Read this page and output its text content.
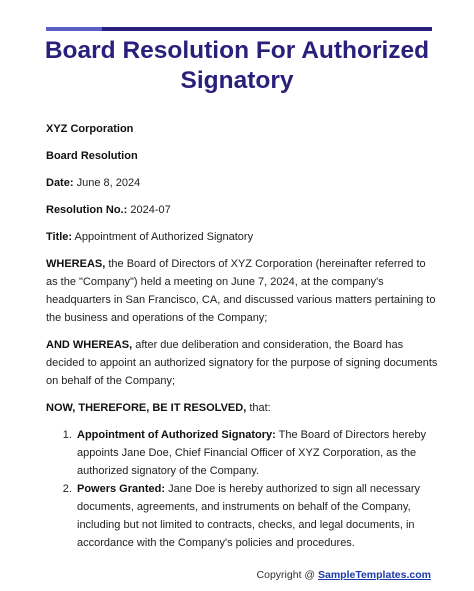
Board Resolution For Authorized Signatory

XYZ Corporation

Board Resolution

Date: June 8, 2024

Resolution No.: 2024-07

Title: Appointment of Authorized Signatory

WHEREAS, the Board of Directors of XYZ Corporation (hereinafter referred to as the "Company") held a meeting on June 7, 2024, at the company's headquarters in San Francisco, CA, and discussed various matters pertaining to the business and operations of the Company;

AND WHEREAS, after due deliberation and consideration, the Board has decided to appoint an authorized signatory for the purpose of signing documents on behalf of the Company;

NOW, THEREFORE, BE IT RESOLVED, that:

1. Appointment of Authorized Signatory: The Board of Directors hereby appoints Jane Doe, Chief Financial Officer of XYZ Corporation, as the authorized signatory of the Company.
2. Powers Granted: Jane Doe is hereby authorized to sign all necessary documents, agreements, and instruments on behalf of the Company, including but not limited to contracts, checks, and legal documents, in accordance with the Company's policies and procedures.
Copyright @ SampleTemplates.com
